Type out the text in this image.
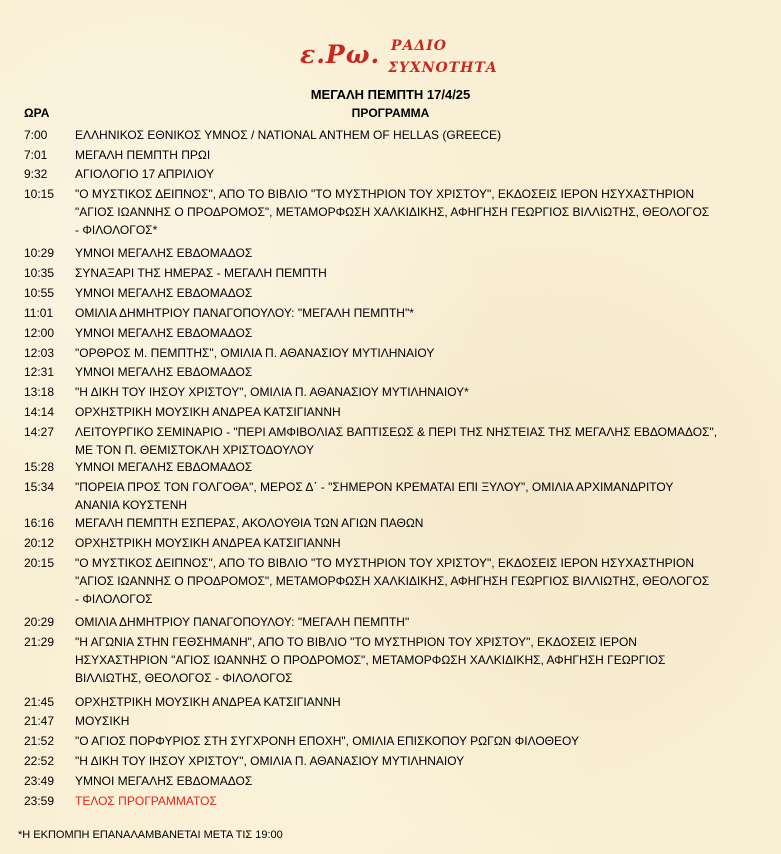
ε.Ρω. ΡΑΔΙΟ
ΣΥΧΝΟΤΗΤΑ
ΜΕΓΑΛΗ ΠΕΜΠΤΗ 17/4/25
ΠΡΟΓΡΑΜΜΑ
ΩΡΑ
7:00 ΕΛΛΗΝΙΚΟΣ ΕΘΝΙΚΟΣ ΥΜΝΟΣ / NATIONAL ANTHEM OF HELLAS (GREECE)
7:01 ΜΕΓΑΛΗ ΠΕΜΠΤΗ ΠΡΩΙ
9:32 ΑΓΙΟΛΟΓΙΟ 17 ΑΠΡΙΛΙΟΥ
10:15 "Ο ΜΥΣΤΙΚΟΣ ΔΕΙΠΝΟΣ", ΑΠΟ ΤΟ ΒΙΒΛΙΟ "ΤΟ ΜΥΣΤΗΡΙΟΝ ΤΟΥ ΧΡΙΣΤΟΥ", ΕΚΔΟΣΕΙΣ ΙΕΡΟΝ ΗΣΥΧΑΣΤΗΡΙΟΝ
"ΑΓΙΟΣ ΙΩΑΝΝΗΣ Ο ΠΡΟΔΡΟΜΟΣ", ΜΕΤΑΜΟΡΦΩΣΗ ΧΑΛΚΙΔΙΚΗΣ, ΑΦΗΓΗΣΗ ΓΕΩΡΓΙΟΣ ΒΙΛΛΙΩΤΗΣ, ΘΕΟΛΟΓΟΣ
- ΦΙΛΟΛΟΓΟΣ*
10:29 ΥΜΝΟΙ ΜΕΓΑΛΗΣ ΕΒΔΟΜΑΔΟΣ
10:35 ΣΥΝΑΞΑΡΙ ΤΗΣ ΗΜΕΡΑΣ - ΜΕΓΑΛΗ ΠΕΜΠΤΗ
10:55 ΥΜΝΟΙ ΜΕΓΑΛΗΣ ΕΒΔΟΜΑΔΟΣ
11:01 ΟΜΙΛΙΑ ΔΗΜΗΤΡΙΟΥ ΠΑΝΑΓΟΠΟΥΛΟΥ: "ΜΕΓΑΛΗ ΠΕΜΠΤΗ"*
12:00 ΥΜΝΟΙ ΜΕΓΑΛΗΣ ΕΒΔΟΜΑΔΟΣ
12:03 "ΟΡΘΡΟΣ Μ. ΠΕΜΠΤΗΣ", ΟΜΙΛΙΑ Π. ΑΘΑΝΑΣΙΟΥ ΜΥΤΙΛΗΝΑΙΟΥ
12:31 ΥΜΝΟΙ ΜΕΓΑΛΗΣ ΕΒΔΟΜΑΔΟΣ
13:18 "Η ΔΙΚΗ ΤΟΥ ΙΗΣΟΥ ΧΡΙΣΤΟΥ", ΟΜΙΛΙΑ Π. ΑΘΑΝΑΣΙΟΥ ΜΥΤΙΛΗΝΑΙΟΥ*
14:14 ΟΡΧΗΣΤΡΙΚΗ ΜΟΥΣΙΚΗ ΑΝΔΡΕΑ ΚΑΤΣΙΓΙΑΝΝΗ
14:27 ΛΕΙΤΟΥΡΓΙΚΟ ΣΕΜΙΝΑΡΙΟ - "ΠΕΡΙ ΑΜΦΙΒΟΛΙΑΣ ΒΑΠΤΙΣΕΩΣ & ΠΕΡΙ ΤΗΣ ΝΗΣΤΕΙΑΣ ΤΗΣ ΜΕΓΑΛΗΣ ΕΒΔΟΜΑΔΟΣ",
ΜΕ ΤΟΝ Π. ΘΕΜΙΣΤΟΚΛΗ ΧΡΙΣΤΟΔΟΥΛΟΥ
15:28 ΥΜΝΟΙ ΜΕΓΑΛΗΣ ΕΒΔΟΜΑΔΟΣ
15:34 "ΠΟΡΕΙΑ ΠΡΟΣ ΤΟΝ ΓΟΛΓΟΘΑ", ΜΕΡΟΣ Δ΄ - "ΣΗΜΕΡΟΝ ΚΡΕΜΑΤΑΙ ΕΠΙ ΞΥΛΟΥ", ΟΜΙΛΙΑ ΑΡΧΙΜΑΝΔΡΙΤΟΥ
ΑΝΑΝΙΑ ΚΟΥΣΤΕΝΗ
16:16 ΜΕΓΑΛΗ ΠΕΜΠΤΗ ΕΣΠΕΡΑΣ, ΑΚΟΛΟΥΘΙΑ ΤΩΝ ΑΓΙΩΝ ΠΑΘΩΝ
20:12 ΟΡΧΗΣΤΡΙΚΗ ΜΟΥΣΙΚΗ ΑΝΔΡΕΑ ΚΑΤΣΙΓΙΑΝΝΗ
20:15 "Ο ΜΥΣΤΙΚΟΣ ΔΕΙΠΝΟΣ", ΑΠΟ ΤΟ ΒΙΒΛΙΟ "ΤΟ ΜΥΣΤΗΡΙΟΝ ΤΟΥ ΧΡΙΣΤΟΥ", ΕΚΔΟΣΕΙΣ ΙΕΡΟΝ ΗΣΥΧΑΣΤΗΡΙΟΝ
"ΑΓΙΟΣ ΙΩΑΝΝΗΣ Ο ΠΡΟΔΡΟΜΟΣ", ΜΕΤΑΜΟΡΦΩΣΗ ΧΑΛΚΙΔΙΚΗΣ, ΑΦΗΓΗΣΗ ΓΕΩΡΓΙΟΣ ΒΙΛΛΙΩΤΗΣ, ΘΕΟΛΟΓΟΣ
- ΦΙΛΟΛΟΓΟΣ
20:29 ΟΜΙΛΙΑ ΔΗΜΗΤΡΙΟΥ ΠΑΝΑΓΟΠΟΥΛΟΥ: "ΜΕΓΑΛΗ ΠΕΜΠΤΗ"
21:29 "Η ΑΓΩΝΙΑ ΣΤΗΝ ΓΕΘΣΗΜΑΝΗ", ΑΠΟ ΤΟ ΒΙΒΛΙΟ "ΤΟ ΜΥΣΤΗΡΙΟΝ ΤΟΥ ΧΡΙΣΤΟΥ", ΕΚΔΟΣΕΙΣ ΙΕΡΟΝ
ΗΣΥΧΑΣΤΗΡΙΟΝ "ΑΓΙΟΣ ΙΩΑΝΝΗΣ Ο ΠΡΟΔΡΟΜΟΣ", ΜΕΤΑΜΟΡΦΩΣΗ ΧΑΛΚΙΔΙΚΗΣ, ΑΦΗΓΗΣΗ ΓΕΩΡΓΙΟΣ
ΒΙΛΛΙΩΤΗΣ, ΘΕΟΛΟΓΟΣ - ΦΙΛΟΛΟΓΟΣ
21:45 ΟΡΧΗΣΤΡΙΚΗ ΜΟΥΣΙΚΗ ΑΝΔΡΕΑ ΚΑΤΣΙΓΙΑΝΝΗ
21:47 ΜΟΥΣΙΚΗ
21:52 "Ο ΑΓΙΟΣ ΠΟΡΦΥΡΙΟΣ ΣΤΗ ΣΥΓΧΡΟΝΗ ΕΠΟΧΗ", ΟΜΙΛΙΑ ΕΠΙΣΚΟΠΟΥ ΡΩΓΩΝ ΦΙΛΟΘΕΟΥ
22:52 "Η ΔΙΚΗ ΤΟΥ ΙΗΣΟΥ ΧΡΙΣΤΟΥ", ΟΜΙΛΙΑ Π. ΑΘΑΝΑΣΙΟΥ ΜΥΤΙΛΗΝΑΙΟΥ
23:49 ΥΜΝΟΙ ΜΕΓΑΛΗΣ ΕΒΔΟΜΑΔΟΣ
23:59 ΤΕΛΟΣ ΠΡΟΓΡΑΜΜΑΤΟΣ
*Η ΕΚΠΟΜΠΗ ΕΠΑΝΑΛΑΜΒΑΝΕΤΑΙ ΜΕΤΑ ΤΙΣ 19:00
